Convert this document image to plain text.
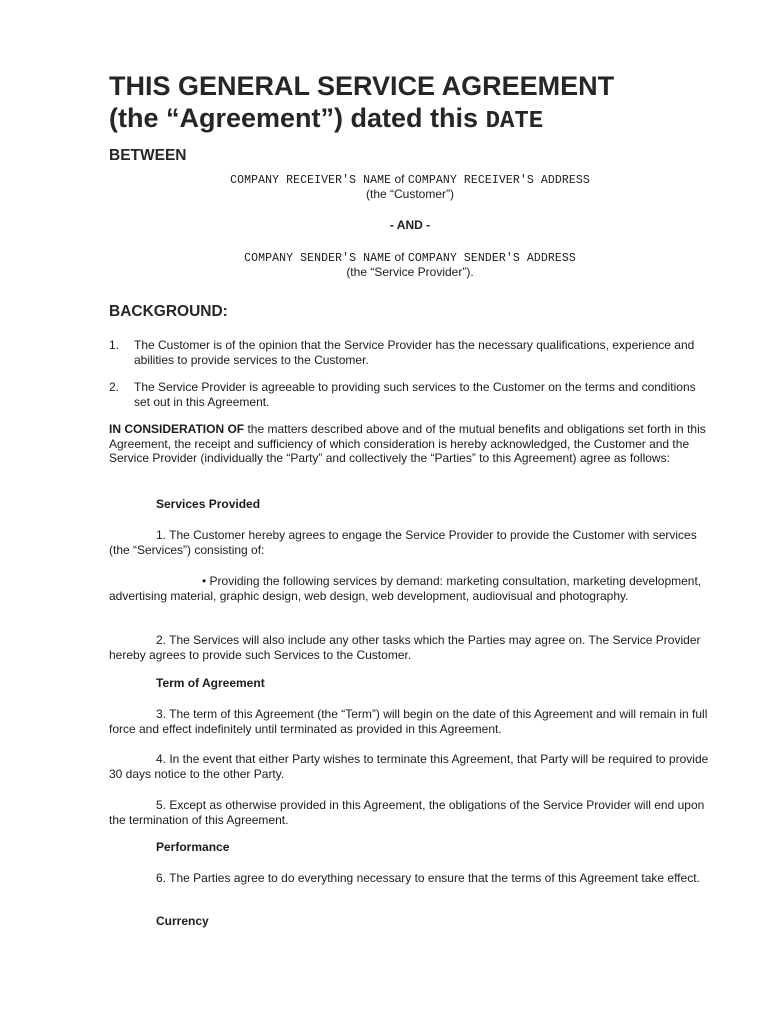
THIS GENERAL SERVICE AGREEMENT
(the “Agreement”) dated this DATE
BETWEEN
COMPANY RECEIVER'S NAME of COMPANY RECEIVER'S ADDRESS
(the “Customer”)
- AND -
COMPANY SENDER'S NAME of COMPANY SENDER'S ADDRESS
(the “Service Provider”).
BACKGROUND:
1. The Customer is of the opinion that the Service Provider has the necessary qualifications, experience and abilities to provide services to the Customer.
2. The Service Provider is agreeable to providing such services to the Customer on the terms and conditions set out in this Agreement.
IN CONSIDERATION OF the matters described above and of the mutual benefits and obligations set forth in this Agreement, the receipt and sufficiency of which consideration is hereby acknowledged, the Customer and the Service Provider (individually the “Party” and collectively the “Parties” to this Agreement) agree as follows:
Services Provided
1. The Customer hereby agrees to engage the Service Provider to provide the Customer with services (the “Services”) consisting of:
• Providing the following services by demand: marketing consultation, marketing development, advertising material, graphic design, web design, web development, audiovisual and photography.
2. The Services will also include any other tasks which the Parties may agree on. The Service Provider hereby agrees to provide such Services to the Customer.
Term of Agreement
3. The term of this Agreement (the “Term”) will begin on the date of this Agreement and will remain in full force and effect indefinitely until terminated as provided in this Agreement.
4. In the event that either Party wishes to terminate this Agreement, that Party will be required to provide 30 days notice to the other Party.
5. Except as otherwise provided in this Agreement, the obligations of the Service Provider will end upon the termination of this Agreement.
Performance
6. The Parties agree to do everything necessary to ensure that the terms of this Agreement take effect.
Currency
